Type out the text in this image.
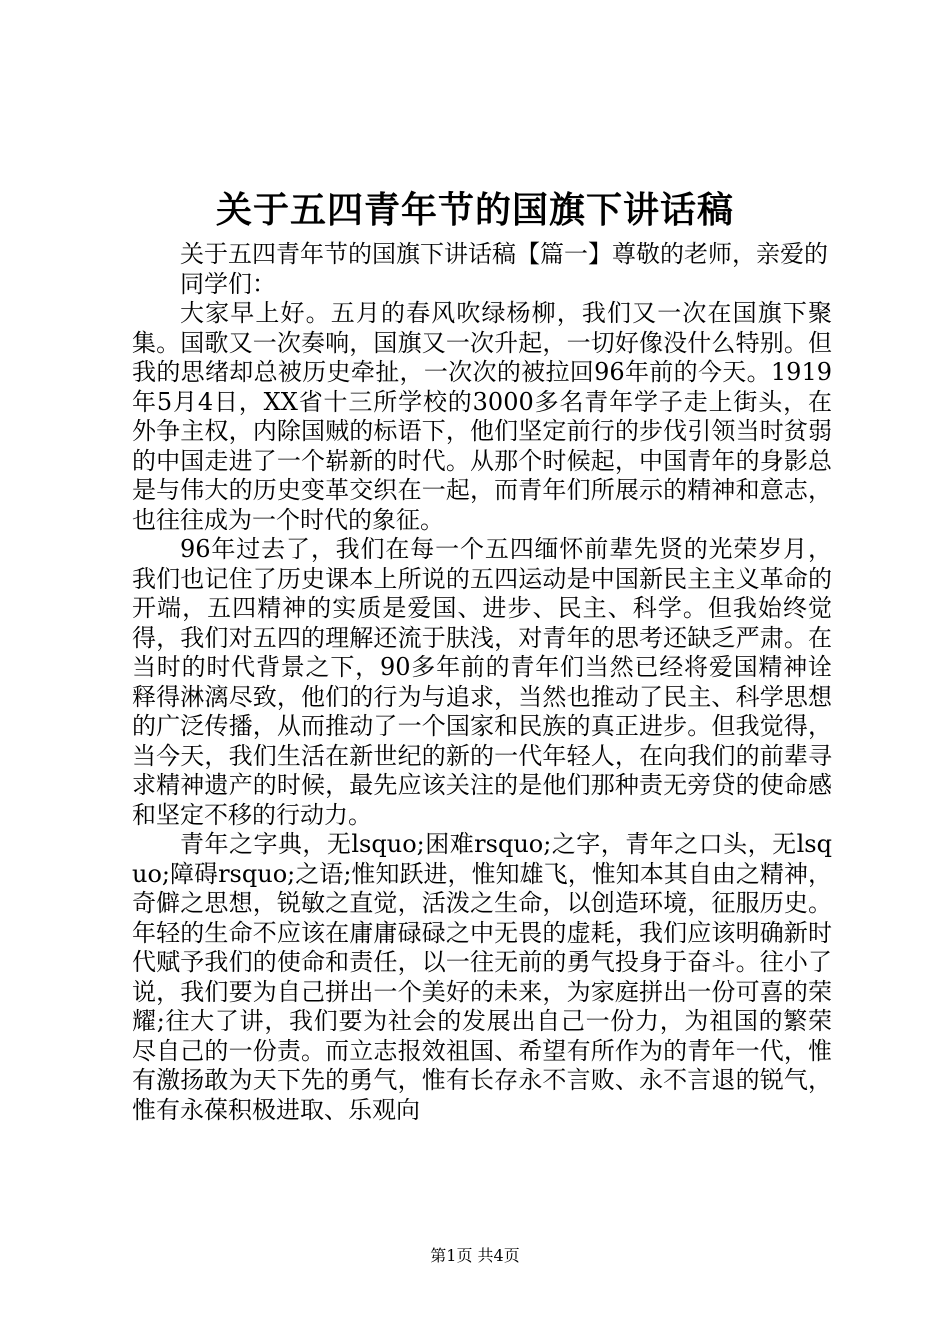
关于五四青年节的国旗下讲话稿

关于五四青年节的国旗下讲话稿【篇一】尊敬的老师，亲爱的

同学们：

大家早上好。五月的春风吹绿杨柳，我们又一次在国旗下聚集。国歌又一次奏响，国旗又一次升起，一切好像没什么特别。但我的思绪却总被历史牵扯，一次次的被拉回96年前的今天。1919年5月4日，XX省十三所学校的3000多名青年学子走上街头，在外争主权，内除国贼的标语下，他们坚定前行的步伐引领当时贫弱的中国走进了一个崭新的时代。从那个时候起，中国青年的身影总是与伟大的历史变革交织在一起，而青年们所展示的精神和意志，也往往成为一个时代的象征。

96年过去了，我们在每一个五四缅怀前辈先贤的光荣岁月，我们也记住了历史课本上所说的五四运动是中国新民主主义革命的开端，五四精神的实质是爱国、进步、民主、科学。但我始终觉得，我们对五四的理解还流于肤浅，对青年的思考还缺乏严肃。在当时的时代背景之下，90多年前的青年们当然已经将爱国精神诠释得淋漓尽致，他们的行为与追求，当然也推动了民主、科学思想的广泛传播，从而推动了一个国家和民族的真正进步。但我觉得，当今天，我们生活在新世纪的新的一代年轻人，在向我们的前辈寻求精神遗产的时候，最先应该关注的是他们那种责无旁贷的使命感和坚定不移的行动力。

青年之字典，无lsquo;困难rsquo;之字，青年之口头，无lsquo;障碍rsquo;之语;惟知跃进，惟知雄飞，惟知本其自由之精神，奇僻之思想，锐敏之直觉，活泼之生命，以创造环境，征服历史。年轻的生命不应该在庸庸碌碌之中无畏的虚耗，我们应该明确新时代赋予我们的使命和责任，以一往无前的勇气投身于奋斗。往小了说，我们要为自己拼出一个美好的未来，为家庭拼出一份可喜的荣耀;往大了讲，我们要为社会的发展出自己一份力，为祖国的繁荣尽自己的一份责。而立志报效祖国、希望有所作为的青年一代，惟有激扬敢为天下先的勇气，惟有长存永不言败、永不言退的锐气，惟有永葆积极进取、乐观向

第1页 共4页
